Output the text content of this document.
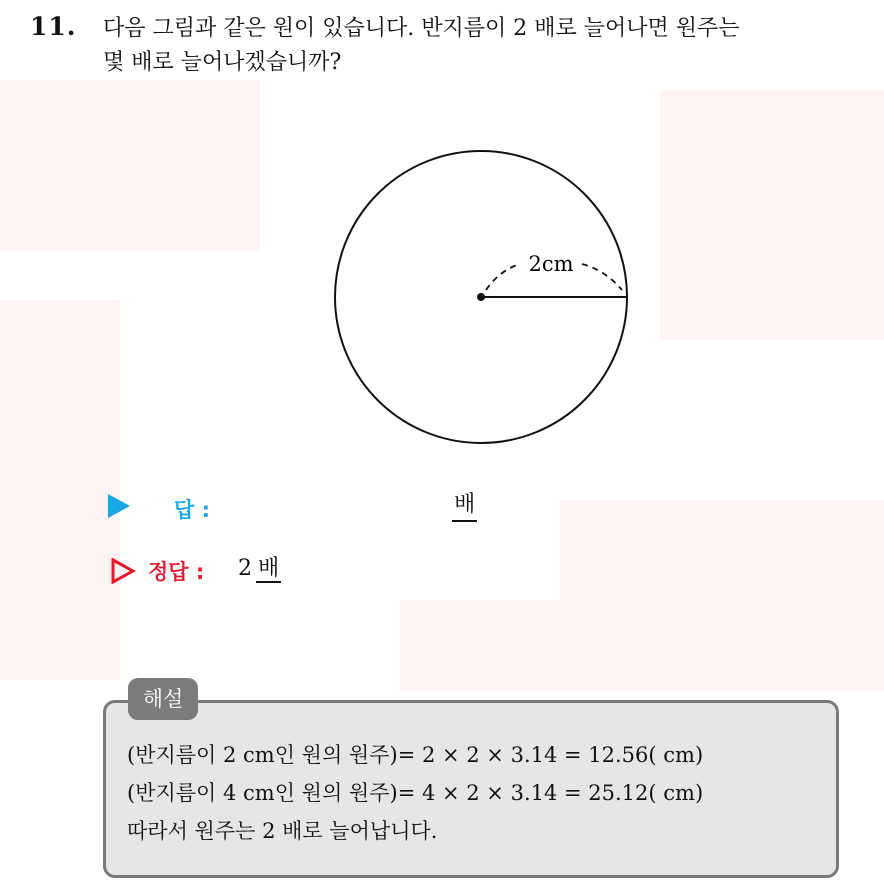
11. 다음 그림과 같은 원이 있습니다. 반지름이 2 배로 늘어나면 원주는
몇 배로 늘어나겠습니까?
2cm
답 :	배
정답 : 2 배
해설
(반지름이 2 cm인 원의 원주)= 2 × 2 × 3.14 = 12.56( cm)
(반지름이 4 cm인 원의 원주)= 4 × 2 × 3.14 = 25.12( cm)
따라서 원주는 2 배로 늘어납니다.
